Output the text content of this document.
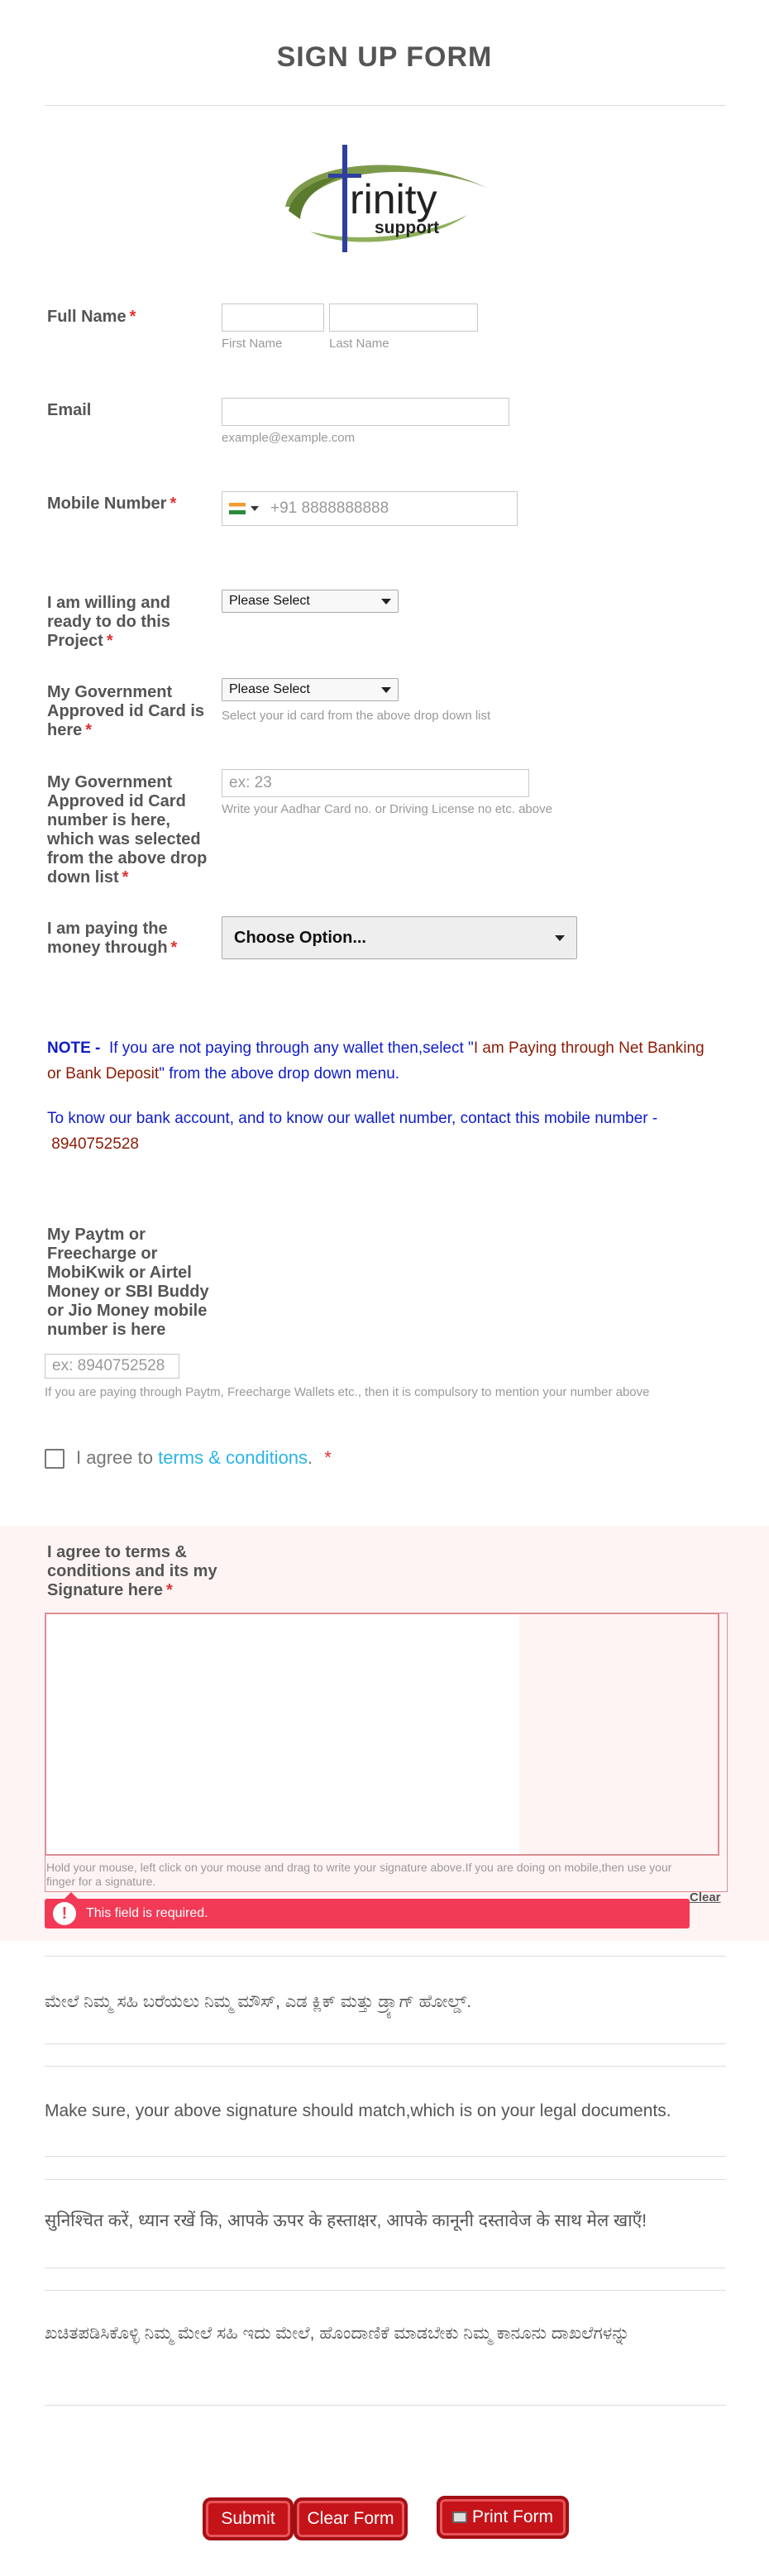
SIGN UP FORM
rinity
support
Full Name *
First Name	Last Name
Email
example@example.com
Mobile Number *	+91 8888888888
I am willing and ready to do this Project *
Please Select
My Government Approved id Card is here *
Please Select
Select your id card from the above drop down list
My Government Approved id Card number is here, which was selected from the above drop down list *
ex: 23
Write your Aadhar Card no. or Driving License no etc. above
I am paying the money through *
Choose Option...
NOTE - If you are not paying through any wallet then,select "I am Paying through Net Banking or Bank Deposit" from the above drop down menu.
To know our bank account, and to know our wallet number, contact this mobile number -
8940752528
My Paytm or Freecharge or MobiKwik or Airtel Money or SBI Buddy or Jio Money mobile number is here
ex: 8940752528
If you are paying through Paytm, Freecharge Wallets etc., then it is compulsory to mention your number above
I agree to terms & conditions. *
I agree to terms & conditions and its my Signature here *
Hold your mouse, left click on your mouse and drag to write your signature above.If you are doing on mobile,then use your finger for a signature.
Clear
!	This field is required.
ಮೇಲೆ ನಿಮ್ಮ ಸಹಿ ಬರೆಯಲು ನಿಮ್ಮ ಮೌಸ್, ಎಡ ಕ್ಲಿಕ್ ಮತ್ತು ಡ್ರ್ಯಾಗ್ ಹೋಲ್ಡ್.
Make sure, your above signature should match,which is on your legal documents.
सुनिश्चित करें, ध्यान रखें कि, आपके ऊपर के हस्ताक्षर, आपके कानूनी दस्तावेज के साथ मेल खाएँ!
ಖಚಿತಪಡಿಸಿಕೊಳ್ಳಿ ನಿಮ್ಮ ಮೇಲೆ ಸಹಿ ಇದು ಮೇಲೆ, ಹೊಂದಾಣಿಕೆ ಮಾಡಬೇಕು ನಿಮ್ಮ ಕಾನೂನು ದಾಖಲೆಗಳನ್ನು
Submit	Clear Form	Print Form
